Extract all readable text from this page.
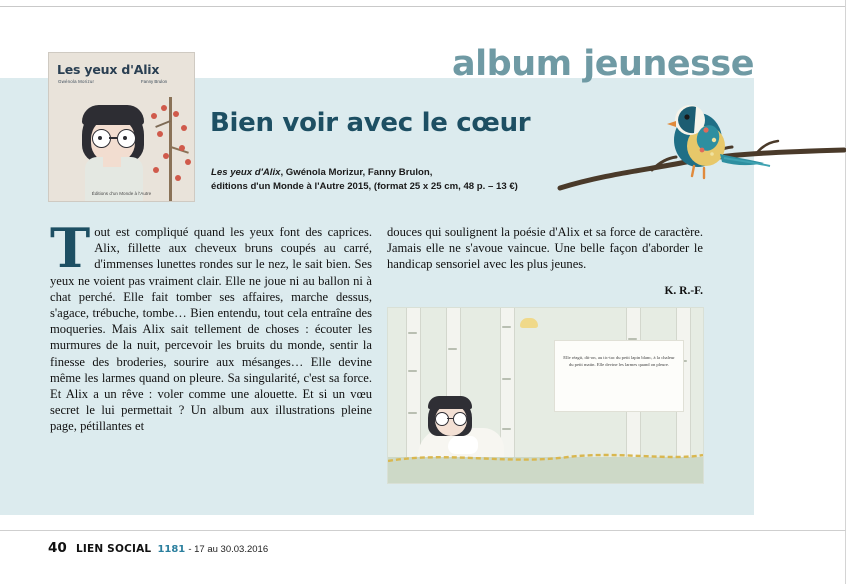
album jeunesse
Les yeux d'Alix
Gwénola Morizur	Fanny Brulon
Éditions d'un Monde à l'Autre
Bien voir avec le cœur
Les yeux d'Alix, Gwénola Morizur, Fanny Brulon,
éditions d'un Monde à l'Autre 2015, (format 25 x 25 cm, 48 p. – 13 €)
Tout est compliqué quand les yeux font des caprices. Alix, fillette aux cheveux bruns coupés au carré, d'immenses lunettes rondes sur le nez, le sait bien. Ses yeux ne voient pas vraiment clair. Elle ne joue ni au ballon ni à chat perché. Elle fait tomber ses affaires, marche dessus, s'agace, trébuche, tombe… Bien entendu, tout cela entraîne des moqueries. Mais Alix sait tellement de choses : écouter les murmures de la nuit, percevoir les bruits du monde, sentir la finesse des broderies, sourire aux mésanges… Elle devine même les larmes quand on pleure. Sa singularité, c'est sa force. Et Alix a un rêve : voler comme une alouette. Et si un vœu secret le lui permettait ? Un album aux illustrations pleine page, pétillantes et
douces qui soulignent la poésie d'Alix et sa force de caractère. Jamais elle ne s'avoue vaincue. Une belle façon d'aborder le handicap sensoriel avec les plus jeunes.
K. R.-F.
Elle réagit, dit-on, au tic-tac du petit lapin blanc, à la chaleur du petit matin. Elle devine les larmes quand on pleure.
40 LIEN SOCIAL 1181 - 17 au 30.03.2016
